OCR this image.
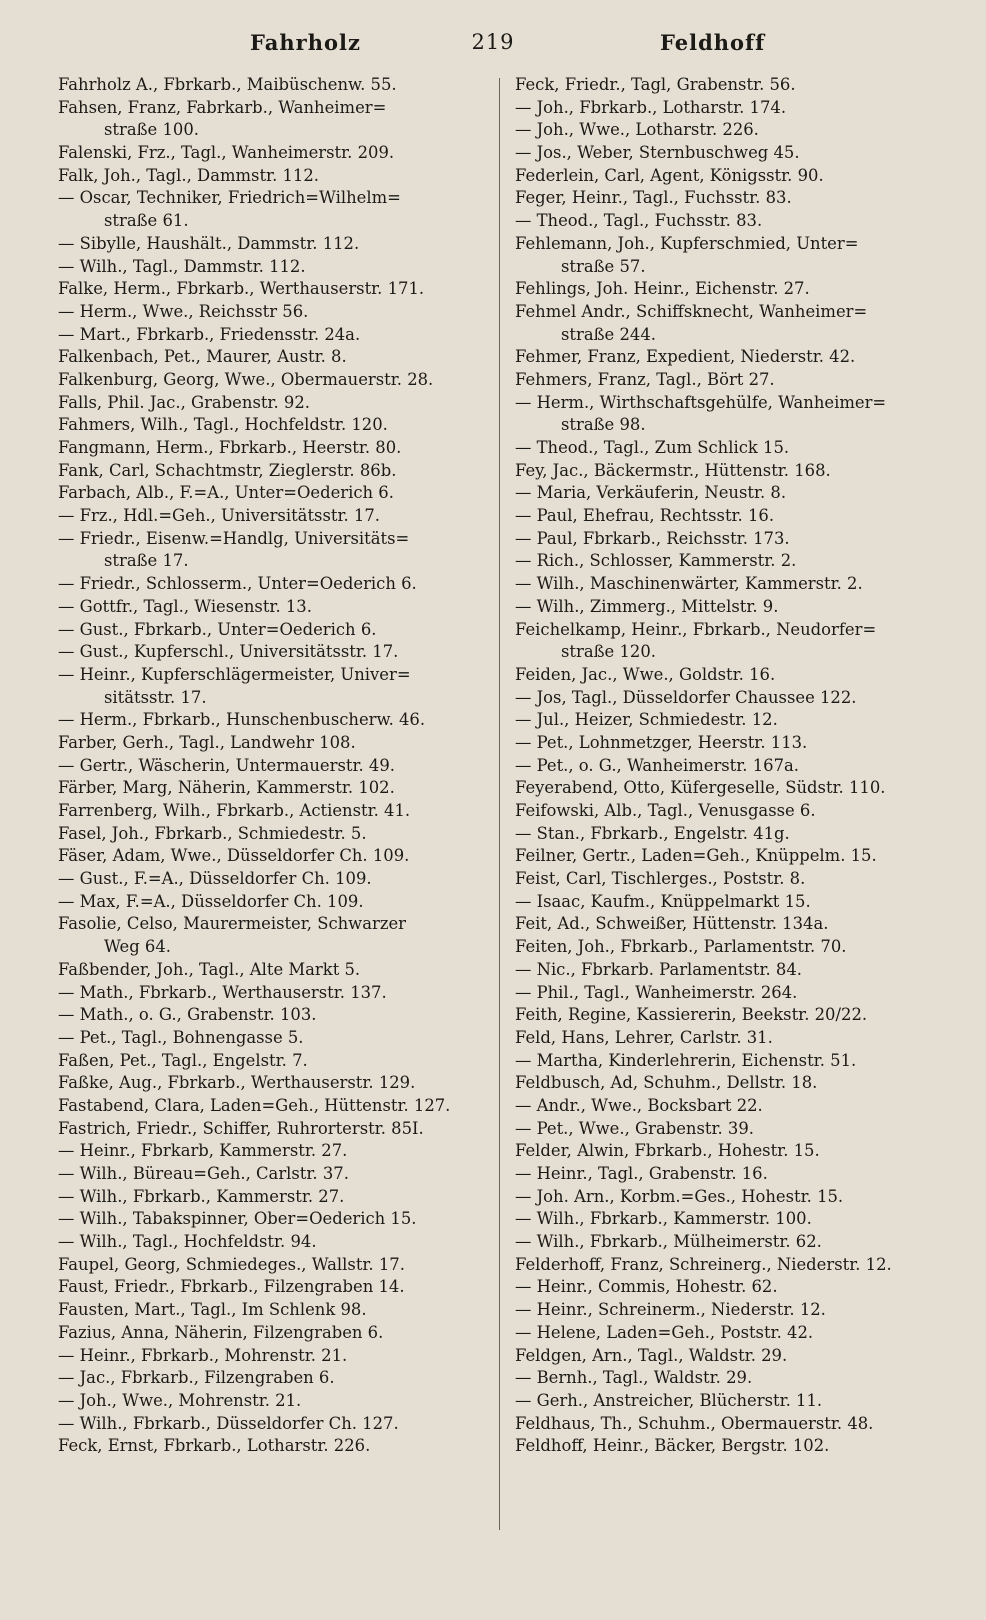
219
Fahrholz	Feldhoff
Fahrholz A., Fbrkarb., Maibüschenw. 55.
Fahsen, Franz, Fabrkarb., Wanheimer=
straße 100.
Falenski, Frz., Tagl., Wanheimerstr. 209.
Falk, Joh., Tagl., Dammstr. 112.
— Oscar, Techniker, Friedrich=Wilhelm=
straße 61.
— Sibylle, Haushält., Dammstr. 112.
— Wilh., Tagl., Dammstr. 112.
Falke, Herm., Fbrkarb., Werthauserstr. 171.
— Herm., Wwe., Reichsstr 56.
— Mart., Fbrkarb., Friedensstr. 24a.
Falkenbach, Pet., Maurer, Austr. 8.
Falkenburg, Georg, Wwe., Obermauerstr. 28.
Falls, Phil. Jac., Grabenstr. 92.
Fahmers, Wilh., Tagl., Hochfeldstr. 120.
Fangmann, Herm., Fbrkarb., Heerstr. 80.
Fank, Carl, Schachtmstr, Zieglerstr. 86b.
Farbach, Alb., F.=A., Unter=Oederich 6.
— Frz., Hdl.=Geh., Universitätsstr. 17.
— Friedr., Eisenw.=Handlg, Universitäts=
straße 17.
— Friedr., Schlosserm., Unter=Oederich 6.
— Gottfr., Tagl., Wiesenstr. 13.
— Gust., Fbrkarb., Unter=Oederich 6.
— Gust., Kupferschl., Universitätsstr. 17.
— Heinr., Kupferschlägermeister, Univer=
sitätsstr. 17.
— Herm., Fbrkarb., Hunschenbuscherw. 46.
Farber, Gerh., Tagl., Landwehr 108.
— Gertr., Wäscherin, Untermauerstr. 49.
Färber, Marg, Näherin, Kammerstr. 102.
Farrenberg, Wilh., Fbrkarb., Actienstr. 41.
Fasel, Joh., Fbrkarb., Schmiedestr. 5.
Fäser, Adam, Wwe., Düsseldorfer Ch. 109.
— Gust., F.=A., Düsseldorfer Ch. 109.
— Max, F.=A., Düsseldorfer Ch. 109.
Fasolie, Celso, Maurermeister, Schwarzer
Weg 64.
Faßbender, Joh., Tagl., Alte Markt 5.
— Math., Fbrkarb., Werthauserstr. 137.
— Math., o. G., Grabenstr. 103.
— Pet., Tagl., Bohnengasse 5.
Faßen, Pet., Tagl., Engelstr. 7.
Faßke, Aug., Fbrkarb., Werthauserstr. 129.
Fastabend, Clara, Laden=Geh., Hüttenstr. 127.
Fastrich, Friedr., Schiffer, Ruhrorterstr. 85I.
— Heinr., Fbrkarb, Kammerstr. 27.
— Wilh., Büreau=Geh., Carlstr. 37.
— Wilh., Fbrkarb., Kammerstr. 27.
— Wilh., Tabakspinner, Ober=Oederich 15.
— Wilh., Tagl., Hochfeldstr. 94.
Faupel, Georg, Schmiedeges., Wallstr. 17.
Faust, Friedr., Fbrkarb., Filzengraben 14.
Fausten, Mart., Tagl., Im Schlenk 98.
Fazius, Anna, Näherin, Filzengraben 6.
— Heinr., Fbrkarb., Mohrenstr. 21.
— Jac., Fbrkarb., Filzengraben 6.
— Joh., Wwe., Mohrenstr. 21.
— Wilh., Fbrkarb., Düsseldorfer Ch. 127.
Feck, Ernst, Fbrkarb., Lotharstr. 226.
Feck, Friedr., Tagl, Grabenstr. 56.
— Joh., Fbrkarb., Lotharstr. 174.
— Joh., Wwe., Lotharstr. 226.
— Jos., Weber, Sternbuschweg 45.
Federlein, Carl, Agent, Königsstr. 90.
Feger, Heinr., Tagl., Fuchsstr. 83.
— Theod., Tagl., Fuchsstr. 83.
Fehlemann, Joh., Kupferschmied, Unter=
straße 57.
Fehlings, Joh. Heinr., Eichenstr. 27.
Fehmel Andr., Schiffsknecht, Wanheimer=
straße 244.
Fehmer, Franz, Expedient, Niederstr. 42.
Fehmers, Franz, Tagl., Bört 27.
— Herm., Wirthschaftsgehülfe, Wanheimer=
straße 98.
— Theod., Tagl., Zum Schlick 15.
Fey, Jac., Bäckermstr., Hüttenstr. 168.
— Maria, Verkäuferin, Neustr. 8.
— Paul, Ehefrau, Rechtsstr. 16.
— Paul, Fbrkarb., Reichsstr. 173.
— Rich., Schlosser, Kammerstr. 2.
— Wilh., Maschinenwärter, Kammerstr. 2.
— Wilh., Zimmerg., Mittelstr. 9.
Feichelkamp, Heinr., Fbrkarb., Neudorfer=
straße 120.
Feiden, Jac., Wwe., Goldstr. 16.
— Jos, Tagl., Düsseldorfer Chaussee 122.
— Jul., Heizer, Schmiedestr. 12.
— Pet., Lohnmetzger, Heerstr. 113.
— Pet., o. G., Wanheimerstr. 167a.
Feyerabend, Otto, Küfergeselle, Südstr. 110.
Feifowski, Alb., Tagl., Venusgasse 6.
— Stan., Fbrkarb., Engelstr. 41g.
Feilner, Gertr., Laden=Geh., Knüppelm. 15.
Feist, Carl, Tischlerges., Poststr. 8.
— Isaac, Kaufm., Knüppelmarkt 15.
Feit, Ad., Schweißer, Hüttenstr. 134a.
Feiten, Joh., Fbrkarb., Parlamentstr. 70.
— Nic., Fbrkarb. Parlamentstr. 84.
— Phil., Tagl., Wanheimerstr. 264.
Feith, Regine, Kassiererin, Beekstr. 20/22.
Feld, Hans, Lehrer, Carlstr. 31.
— Martha, Kinderlehrerin, Eichenstr. 51.
Feldbusch, Ad, Schuhm., Dellstr. 18.
— Andr., Wwe., Bocksbart 22.
— Pet., Wwe., Grabenstr. 39.
Felder, Alwin, Fbrkarb., Hohestr. 15.
— Heinr., Tagl., Grabenstr. 16.
— Joh. Arn., Korbm.=Ges., Hohestr. 15.
— Wilh., Fbrkarb., Kammerstr. 100.
— Wilh., Fbrkarb., Mülheimerstr. 62.
Felderhoff, Franz, Schreinerg., Niederstr. 12.
— Heinr., Commis, Hohestr. 62.
— Heinr., Schreinerm., Niederstr. 12.
— Helene, Laden=Geh., Poststr. 42.
Feldgen, Arn., Tagl., Waldstr. 29.
— Bernh., Tagl., Waldstr. 29.
— Gerh., Anstreicher, Blücherstr. 11.
Feldhaus, Th., Schuhm., Obermauerstr. 48.
Feldhoff, Heinr., Bäcker, Bergstr. 102.
